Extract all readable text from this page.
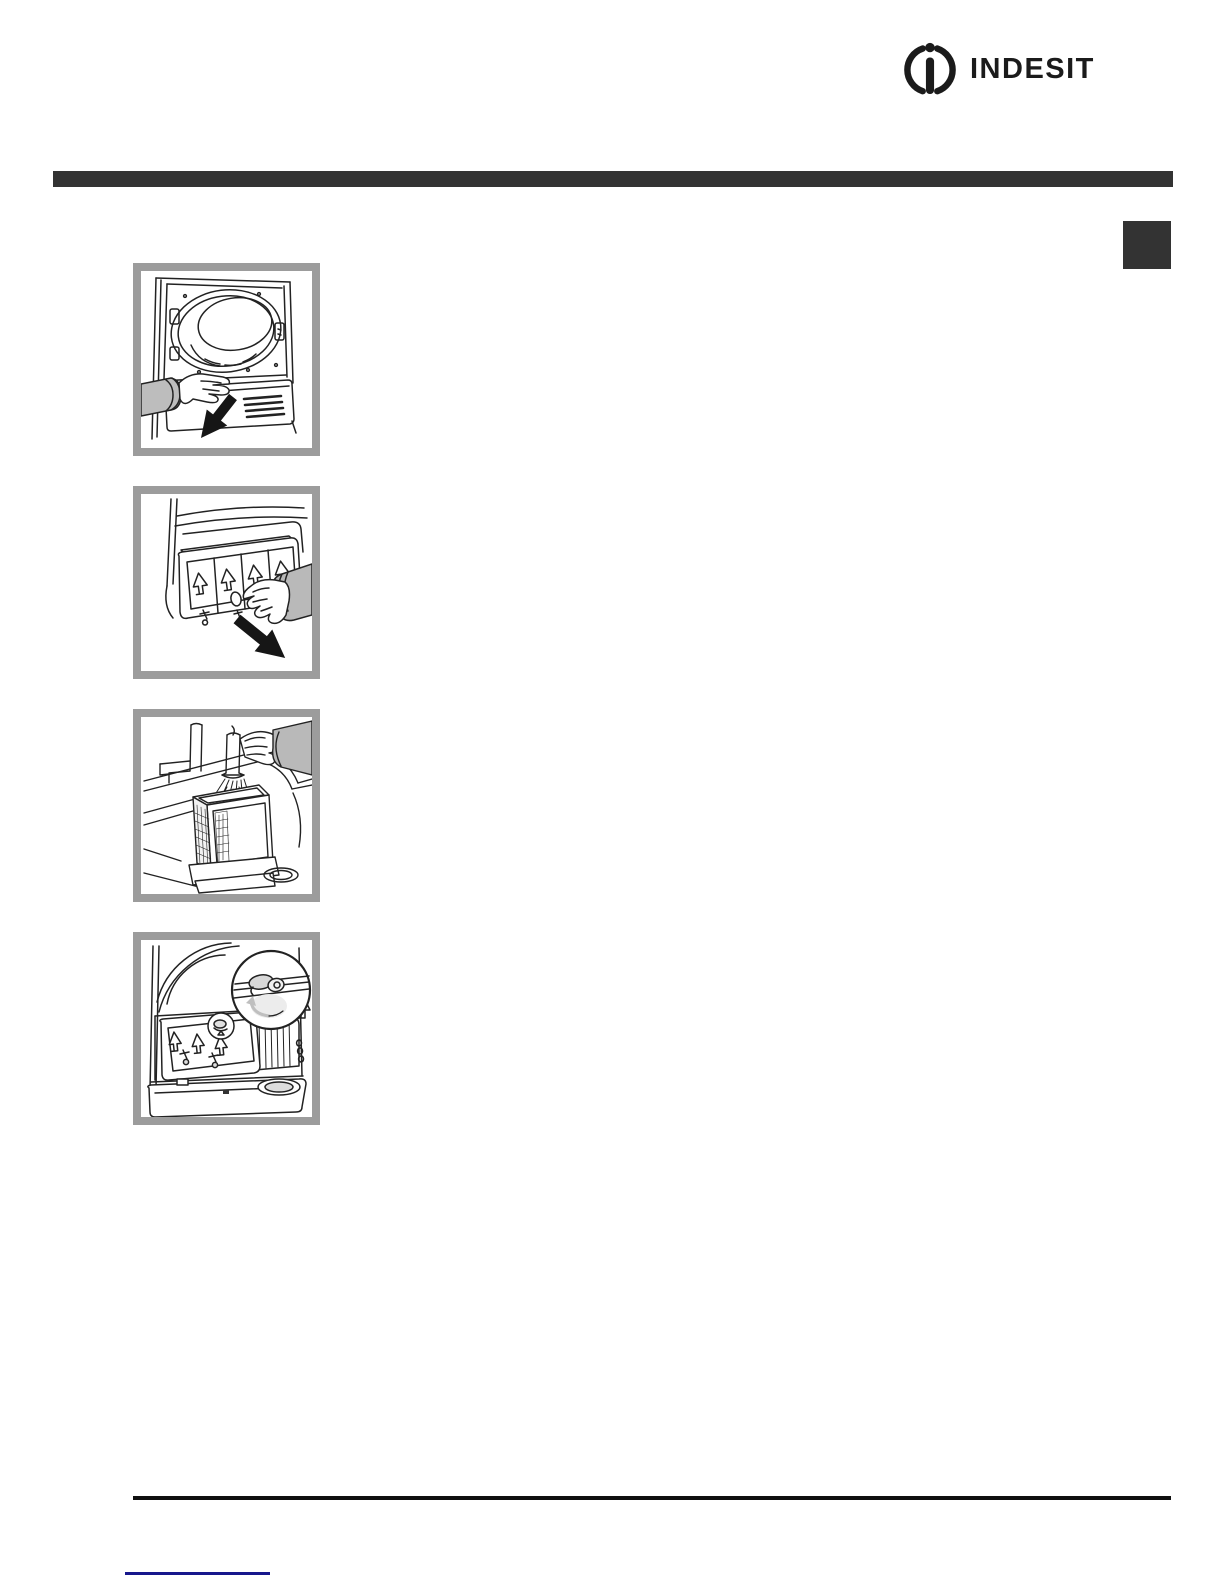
INDESIT
